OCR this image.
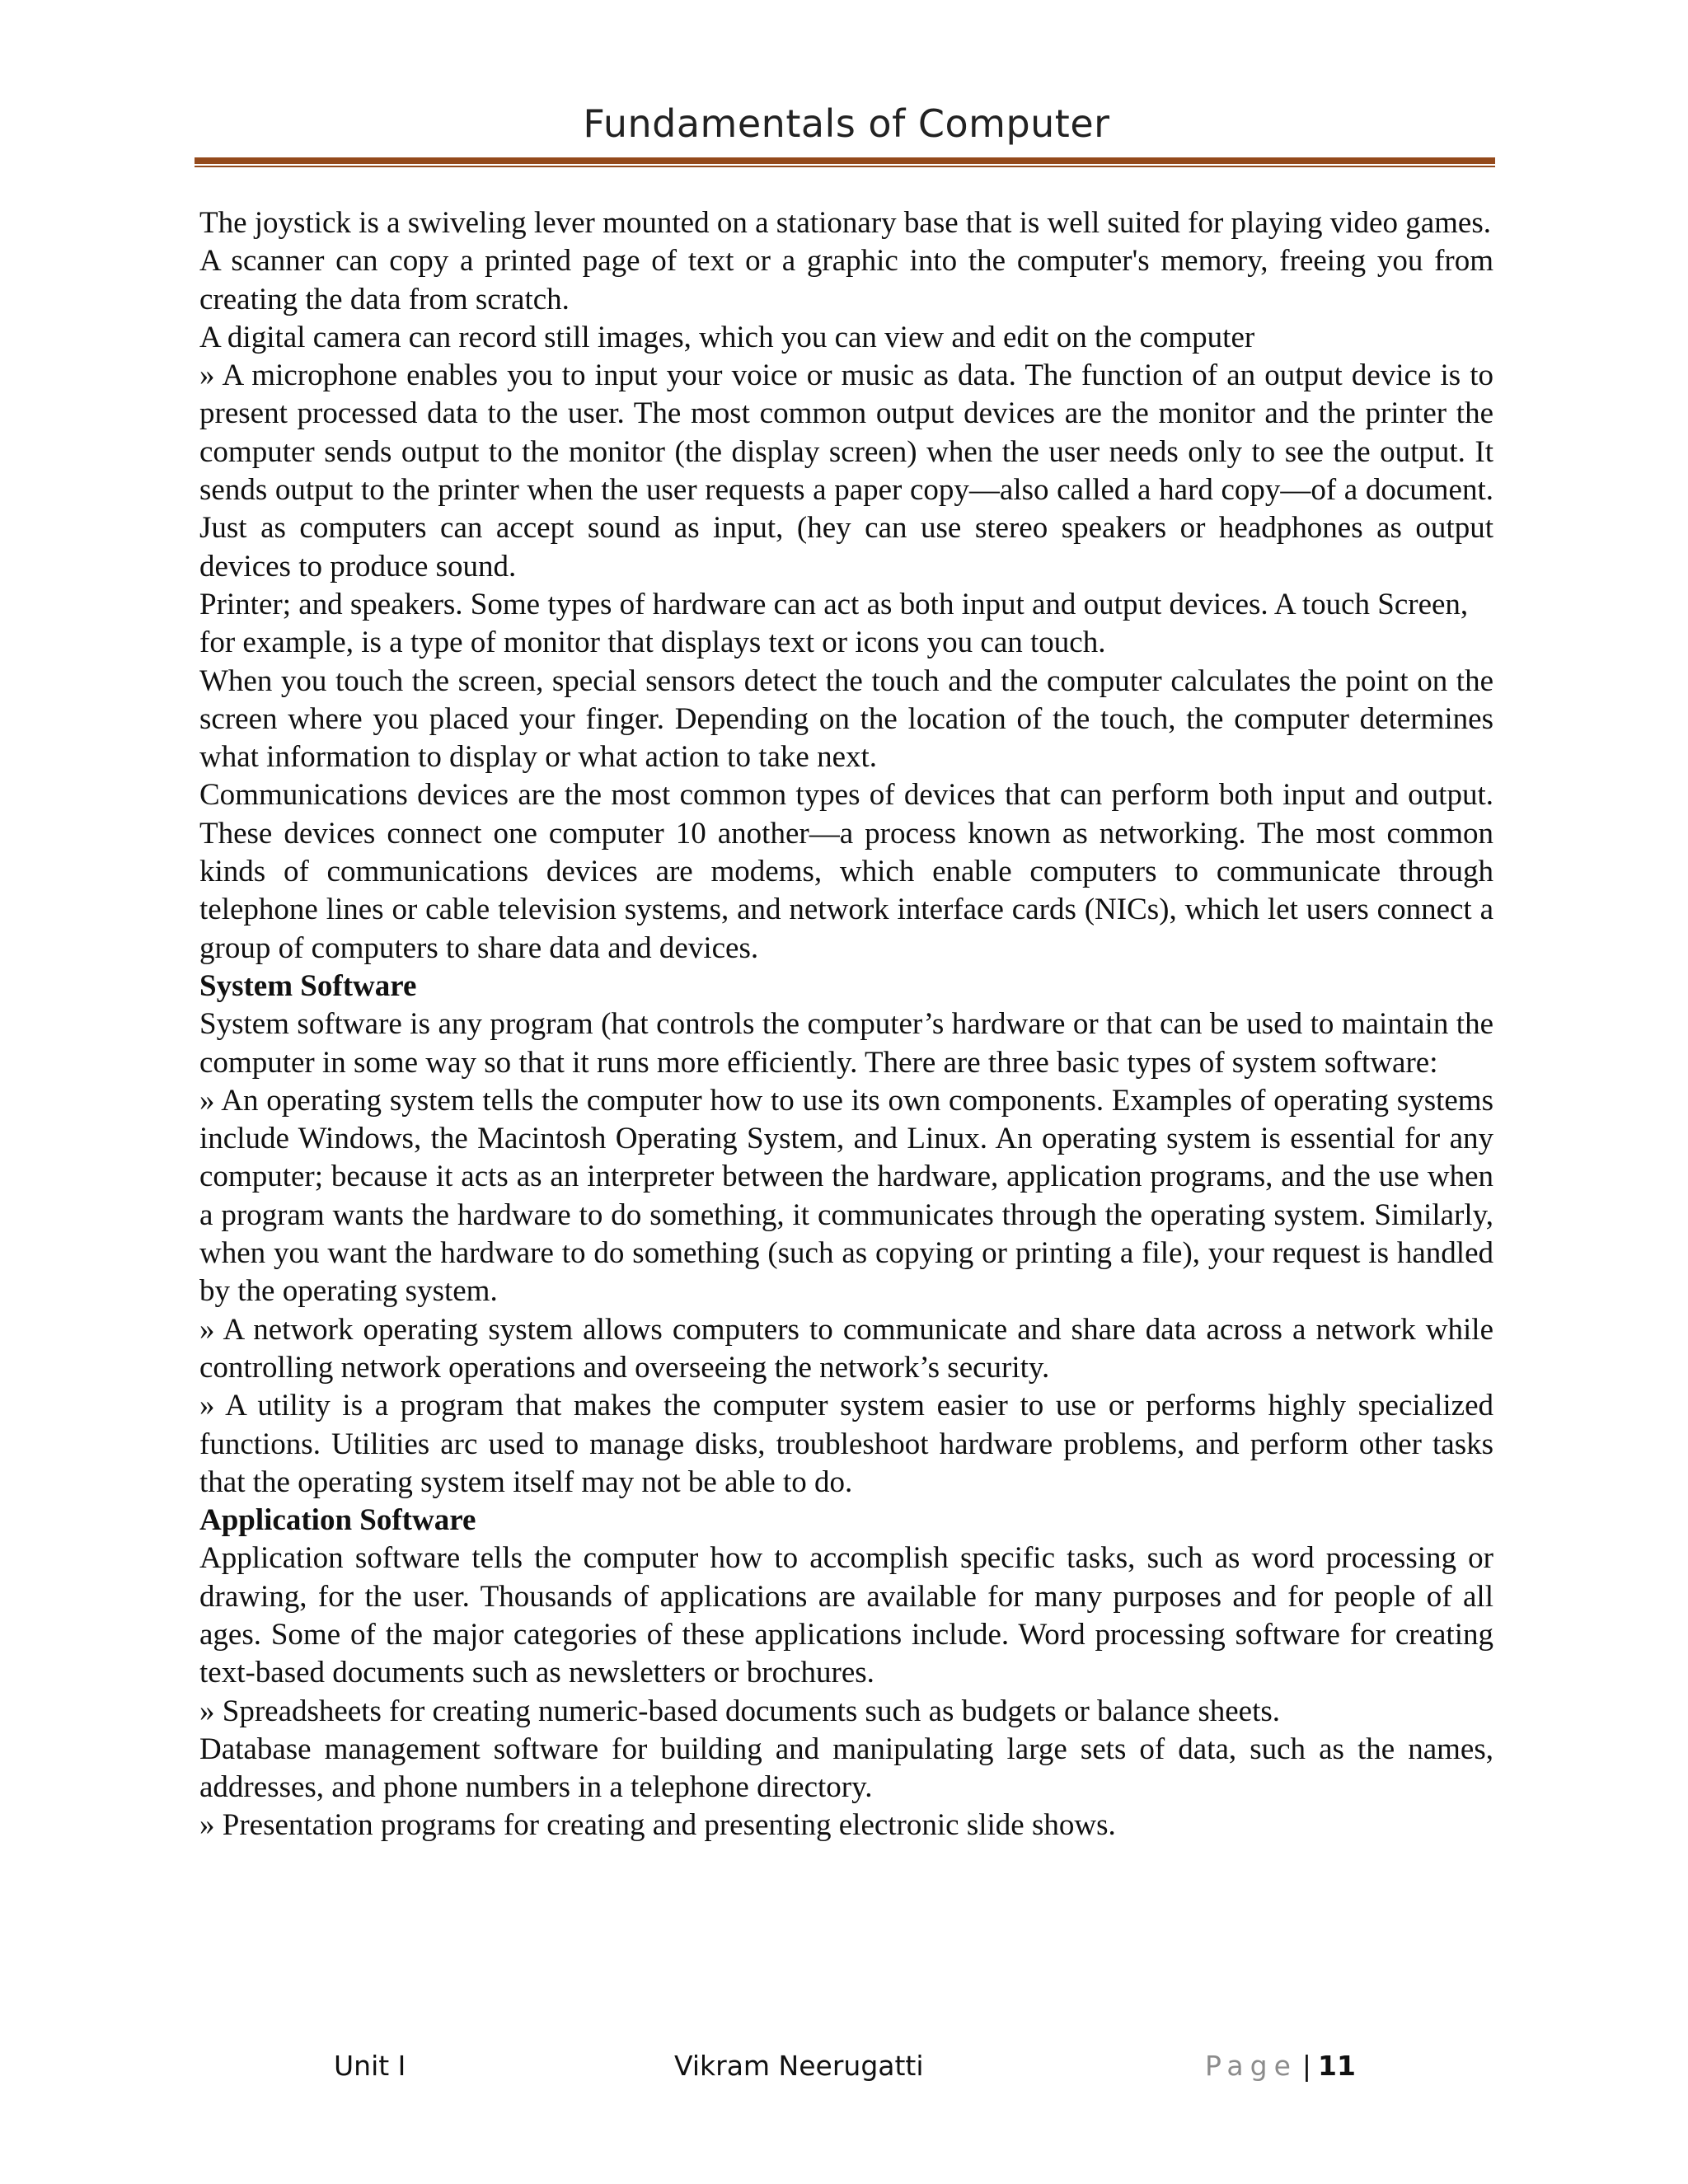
Fundamentals of Computer

The joystick is a swiveling lever mounted on a stationary base that is well suited for playing video games.

A scanner can copy a printed page of text or a graphic into the computer's memory, freeing you from creating the data from scratch.

A digital camera can record still images, which you can view and edit on the computer

» A microphone enables you to input your voice or music as data. The function of an output device is to present processed data to the user. The most common output devices are the monitor and the printer the computer sends output to the monitor (the display screen) when the user needs only to see the output. It sends output to the printer when the user requests a paper copy—also called a hard copy—of a document. Just as computers can accept sound as input, (hey can use stereo speakers or headphones as output devices to produce sound.

Printer; and speakers. Some types of hardware can act as both input and output devices. A touch Screen, for example, is a type of monitor that displays text or icons you can touch.

When you touch the screen, special sensors detect the touch and the computer calculates the point on the screen where you placed your finger. Depending on the location of the touch, the computer determines what information to display or what action to take next.

Communications devices are the most common types of devices that can perform both input and output. These devices connect one computer 10 another—a process known as networking. The most common kinds of communications devices are modems, which enable computers to communicate through telephone lines or cable television systems, and network interface cards (NICs), which let users connect a group of computers to share data and devices.

System Software

System software is any program (hat controls the computer’s hardware or that can be used to maintain the computer in some way so that it runs more efficiently. There are three basic types of system software:

» An operating system tells the computer how to use its own components. Examples of operating systems include Windows, the Macintosh Operating System, and Linux. An operating system is essential for any computer; because it acts as an interpreter between the hardware, application programs, and the use when a program wants the hardware to do something, it communicates through the operating system. Similarly, when you want the hardware to do something (such as copying or printing a file), your request is handled by the operating system.

» A network operating system allows computers to communicate and share data across a network while controlling network operations and overseeing the network’s security.

» A utility is a program that makes the computer system easier to use or performs highly specialized functions. Utilities arc used to manage disks, troubleshoot hardware problems, and perform other tasks that the operating system itself may not be able to do.

Application Software

Application software tells the computer how to accomplish specific tasks, such as word processing or drawing, for the user. Thousands of applications are available for many purposes and for people of all ages. Some of the major categories of these applications include. Word processing software for creating text-based documents such as newsletters or brochures.

» Spreadsheets for creating numeric-based documents such as budgets or balance sheets.

Database management software for building and manipulating large sets of data, such as the names, addresses, and phone numbers in a telephone directory.

» Presentation programs for creating and presenting electronic slide shows.

Unit I	Vikram Neerugatti	Page | 11
